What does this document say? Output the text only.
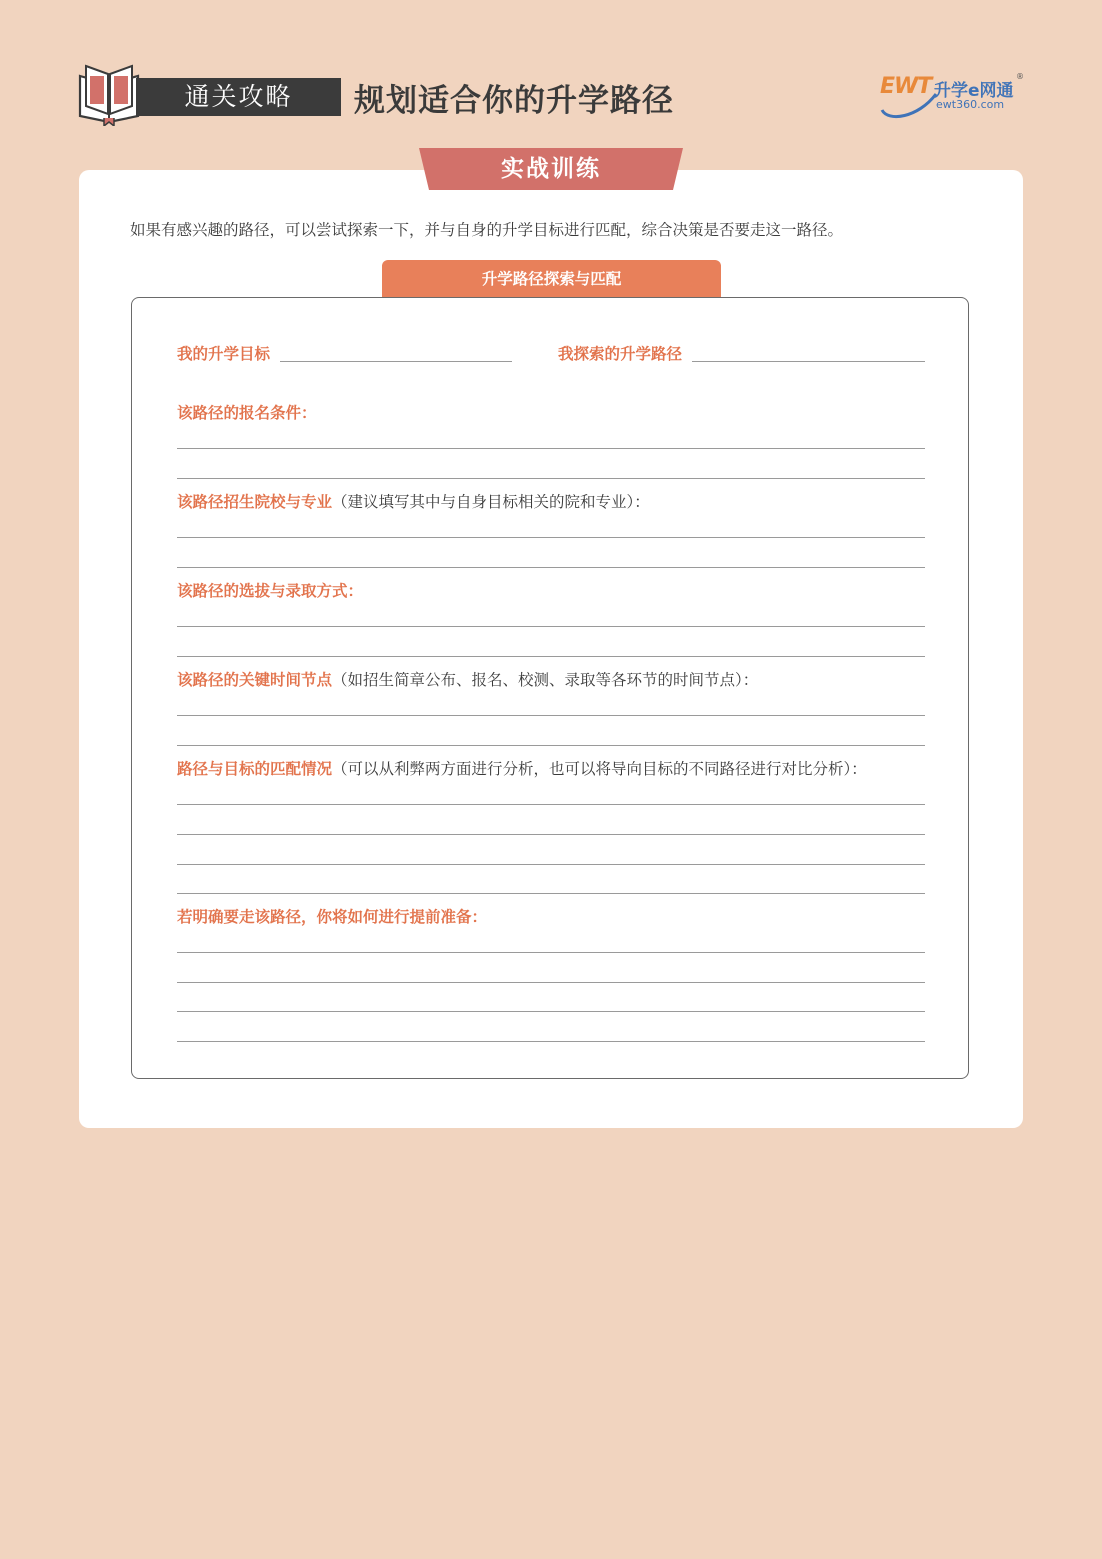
通关攻略	规划适合你的升学路径	EWT 升学e网通
ewt360.com
®
实战训练
如果有感兴趣的路径，可以尝试探索一下，并与自身的升学目标进行匹配，综合决策是否要走这一路径。
升学路径探索与匹配
我的升学目标	我探索的升学路径
该路径的报名条件：
该路径招生院校与专业（建议填写其中与自身目标相关的院和专业）：
该路径的选拔与录取方式：
该路径的关键时间节点（如招生简章公布、报名、校测、录取等各环节的时间节点）：
路径与目标的匹配情况（可以从利弊两方面进行分析，也可以将导向目标的不同路径进行对比分析）：
若明确要走该路径，你将如何进行提前准备：
